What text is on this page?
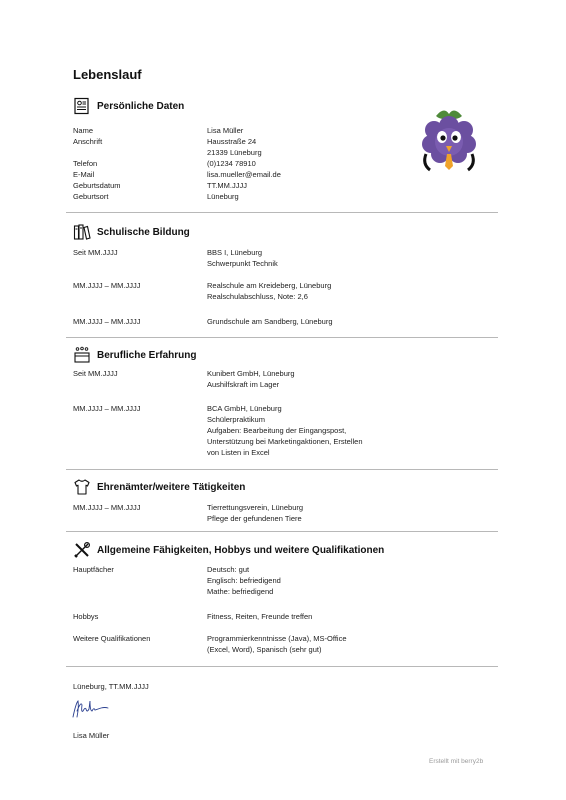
Lebenslauf
Persönliche Daten
Name	Lisa Müller
Anschrift	Hausstraße 24
21339 Lüneburg
Telefon	(0)1234 78910
E-Mail	lisa.mueller@email.de
Geburtsdatum	TT.MM.JJJJ
Geburtsort	Lüneburg
Schulische Bildung
Seit MM.JJJJ	BBS I, Lüneburg
Schwerpunkt Technik
MM.JJJJ – MM.JJJJ	Realschule am Kreideberg, Lüneburg
Realschulabschluss, Note: 2,6
MM.JJJJ – MM.JJJJ	Grundschule am Sandberg, Lüneburg
Berufliche Erfahrung
Seit MM.JJJJ	Kunibert GmbH, Lüneburg
Aushilfskraft im Lager
MM.JJJJ – MM.JJJJ	BCA GmbH, Lüneburg
Schülerpraktikum
Aufgaben: Bearbeitung der Eingangspost,
Unterstützung bei Marketingaktionen, Erstellen
von Listen in Excel
Ehrenämter/weitere Tätigkeiten
MM.JJJJ – MM.JJJJ	Tierrettungsverein, Lüneburg
Pflege der gefundenen Tiere
Allgemeine Fähigkeiten, Hobbys und weitere Qualifikationen
Hauptfächer	Deutsch: gut
Englisch: befriedigend
Mathe: befriedigend
Hobbys	Fitness, Reiten, Freunde treffen
Weitere Qualifikationen	Programmierkenntnisse (Java), MS-Office
(Excel, Word), Spanisch (sehr gut)
Lüneburg, TT.MM.JJJJ
Lisa Müller
Erstellt mit berry2b
